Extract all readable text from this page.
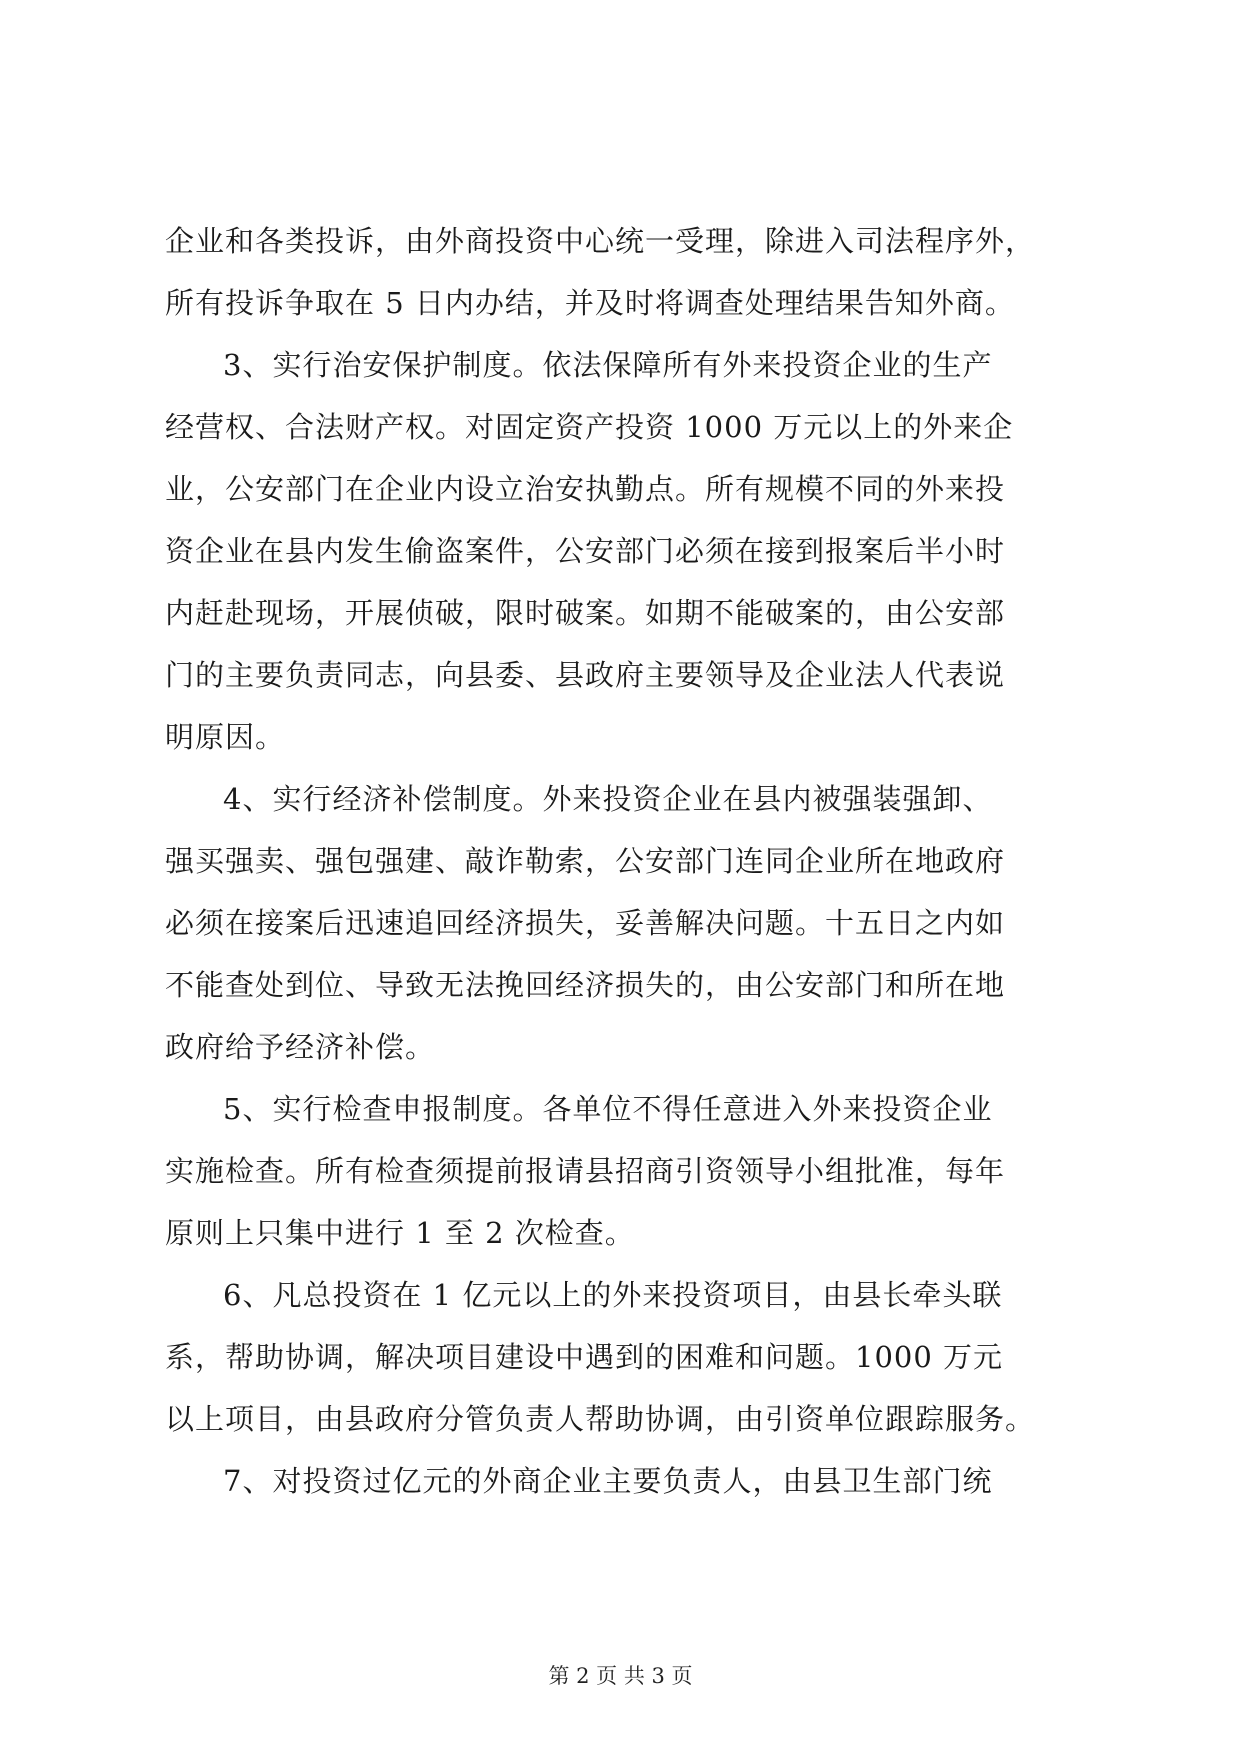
企业和各类投诉，由外商投资中心统一受理，除进入司法程序外，
所有投诉争取在 5 日内办结，并及时将调查处理结果告知外商。
3、实行治安保护制度。依法保障所有外来投资企业的生产
经营权、合法财产权。对固定资产投资 1000 万元以上的外来企
业，公安部门在企业内设立治安执勤点。所有规模不同的外来投
资企业在县内发生偷盗案件，公安部门必须在接到报案后半小时
内赶赴现场，开展侦破，限时破案。如期不能破案的，由公安部
门的主要负责同志，向县委、县政府主要领导及企业法人代表说
明原因。
4、实行经济补偿制度。外来投资企业在县内被强装强卸、
强买强卖、强包强建、敲诈勒索，公安部门连同企业所在地政府
必须在接案后迅速追回经济损失，妥善解决问题。十五日之内如
不能查处到位、导致无法挽回经济损失的，由公安部门和所在地
政府给予经济补偿。
5、实行检查申报制度。各单位不得任意进入外来投资企业
实施检查。所有检查须提前报请县招商引资领导小组批准，每年
原则上只集中进行 1 至 2 次检查。
6、凡总投资在 1 亿元以上的外来投资项目，由县长牵头联
系，帮助协调，解决项目建设中遇到的困难和问题。1000 万元
以上项目，由县政府分管负责人帮助协调，由引资单位跟踪服务。
7、对投资过亿元的外商企业主要负责人，由县卫生部门统
第 2 页 共 3 页
